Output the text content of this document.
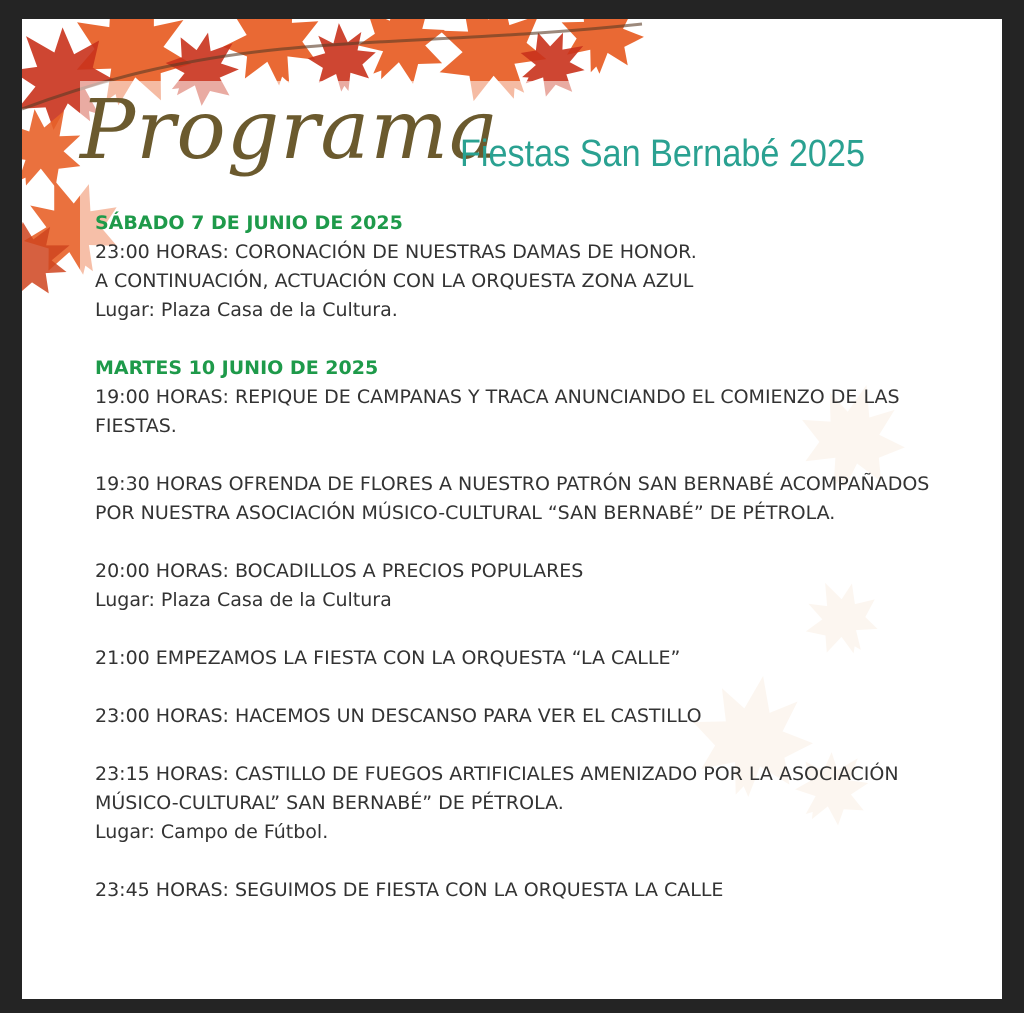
Programa
Fiestas San Bernabé 2025

SÁBADO 7 DE JUNIO DE 2025

23:00 HORAS: CORONACIÓN DE NUESTRAS DAMAS DE HONOR.
A CONTINUACIÓN, ACTUACIÓN CON LA ORQUESTA ZONA AZUL
Lugar: Plaza Casa de la Cultura.

MARTES 10 JUNIO DE 2025

19:00 HORAS: REPIQUE DE CAMPANAS Y TRACA ANUNCIANDO EL COMIENZO DE LAS
FIESTAS.

19:30 HORAS OFRENDA DE FLORES A NUESTRO PATRÓN SAN BERNABÉ ACOMPAÑADOS
POR NUESTRA ASOCIACIÓN MÚSICO-CULTURAL “SAN BERNABÉ” DE PÉTROLA.

20:00 HORAS: BOCADILLOS A PRECIOS POPULARES
Lugar: Plaza Casa de la Cultura

21:00 EMPEZAMOS LA FIESTA CON LA ORQUESTA “LA CALLE”

23:00 HORAS: HACEMOS UN DESCANSO PARA VER EL CASTILLO

23:15 HORAS: CASTILLO DE FUEGOS ARTIFICIALES AMENIZADO POR LA ASOCIACIÓN
MÚSICO-CULTURAL” SAN BERNABÉ” DE PÉTROLA.
Lugar: Campo de Fútbol.

23:45 HORAS: SEGUIMOS DE FIESTA CON LA ORQUESTA LA CALLE
